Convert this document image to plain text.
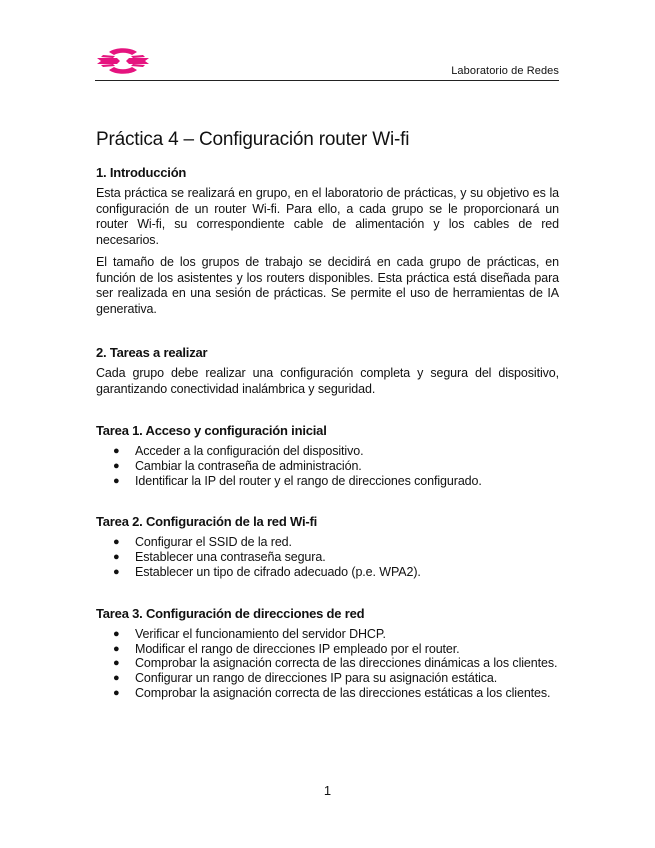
Laboratorio de Redes
Práctica 4 – Configuración router Wi-fi
1. Introducción

Esta práctica se realizará en grupo, en el laboratorio de prácticas, y su objetivo es la configuración de un router Wi-fi. Para ello, a cada grupo se le proporcionará un router Wi-fi, su correspondiente cable de alimentación y los cables de red necesarios.

El tamaño de los grupos de trabajo se decidirá en cada grupo de prácticas, en función de los asistentes y los routers disponibles. Esta práctica está diseñada para ser realizada en una sesión de prácticas. Se permite el uso de herramientas de IA generativa.

2. Tareas a realizar

Cada grupo debe realizar una configuración completa y segura del dispositivo, garantizando conectividad inalámbrica y seguridad.

Tarea 1. Acceso y configuración inicial
● Acceder a la configuración del dispositivo.
● Cambiar la contraseña de administración.
● Identificar la IP del router y el rango de direcciones configurado.
Tarea 2. Configuración de la red Wi-fi
● Configurar el SSID de la red.
● Establecer una contraseña segura.
● Establecer un tipo de cifrado adecuado (p.e. WPA2).
Tarea 3. Configuración de direcciones de red
● Verificar el funcionamiento del servidor DHCP.
● Modificar el rango de direcciones IP empleado por el router.
● Comprobar la asignación correcta de las direcciones dinámicas a los clientes.
● Configurar un rango de direcciones IP para su asignación estática.
● Comprobar la asignación correcta de las direcciones estáticas a los clientes.
1
